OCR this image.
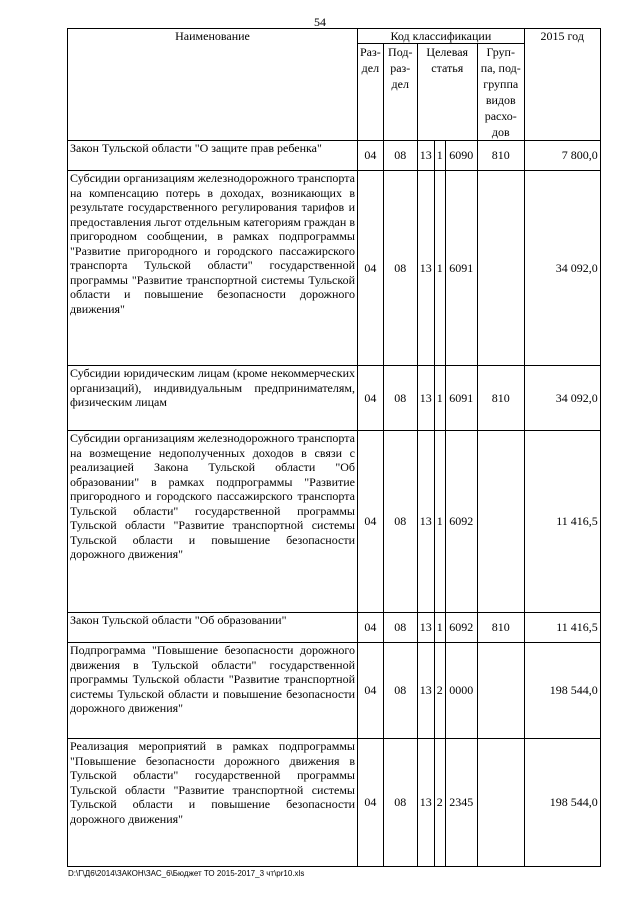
54
Наименование	Код классификации						2015 год
	Раз-дел	Под-раз-дел	Целевая статья			Груп-па, под-группа видов расхо-дов	
Закон Тульской области "О защите прав ребенка"	04	08	13	1	6090	810	7 800,0
Субсидии организациям железнодорожного транспорта на компенсацию потерь в доходах, возникающих в результате государственного регулирования тарифов и предоставления льгот отдельным категориям граждан в пригородном сообщении, в рамках подпрограммы "Развитие пригородного и городского пассажирского транспорта Тульской области" государственной программы "Развитие транспортной системы Тульской области и повышение безопасности дорожного движения"	04	08	13	1	6091		34 092,0
Субсидии юридическим лицам (кроме некоммерческих организаций), индивидуальным предпринимателям, физическим лицам	04	08	13	1	6091	810	34 092,0
Субсидии организациям железнодорожного транспорта на возмещение недополученных доходов в связи с реализацией Закона Тульской области "Об образовании" в рамках подпрограммы "Развитие пригородного и городского пассажирского транспорта Тульской области" государственной программы Тульской области "Развитие транспортной системы Тульской области и повышение безопасности дорожного движения"	04	08	13	1	6092		11 416,5
Закон Тульской области "Об образовании"	04	08	13	1	6092	810	11 416,5
Подпрограмма "Повышение безопасности дорожного движения в Тульской области" государственной программы Тульской области "Развитие транспортной системы Тульской области и повышение безопасности дорожного движения"	04	08	13	2	0000		198 544,0
Реализация мероприятий в рамках подпрограммы "Повышение безопасности дорожного движения в Тульской области" государственной программы Тульской области "Развитие транспортной системы Тульской области и повышение безопасности дорожного движения"	04	08	13	2	2345		198 544,0
D:\Г\Д6\2014\ЗАКОН\ЗАС_6\Бюджет ТО 2015-2017_3 чт\pr10.xls
